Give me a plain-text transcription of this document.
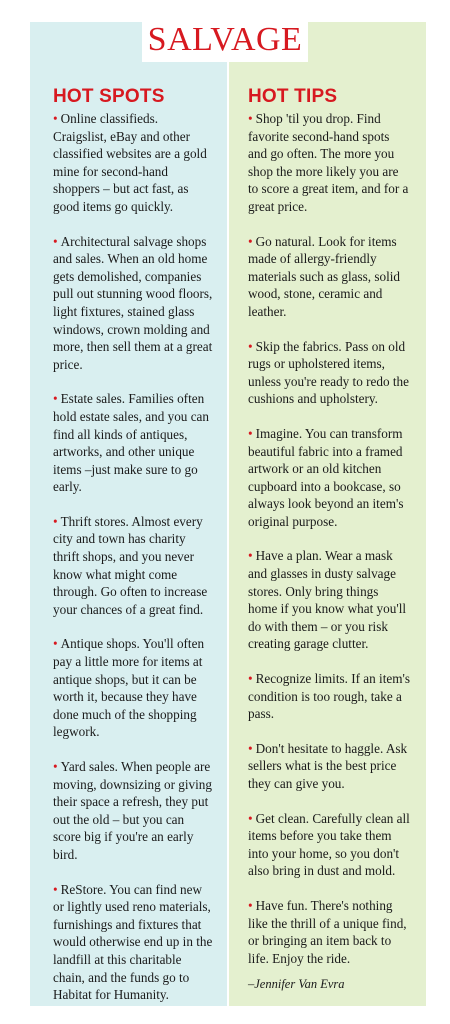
SALVAGE
HOT SPOTS	HOT TIPS
• Online classifieds. Craigslist, eBay and other classified websites are a gold mine for second-hand shoppers – but act fast, as good items go quickly.
• Architectural salvage shops and sales. When an old home gets demolished, companies pull out stunning wood floors, light fixtures, stained glass windows, crown molding and more, then sell them at a great price.
• Estate sales. Families often hold estate sales, and you can find all kinds of antiques, artworks, and other unique items –just make sure to go early.
• Thrift stores. Almost every city and town has charity thrift shops, and you never know what might come through. Go often to increase your chances of a great find.
• Antique shops. You'll often pay a little more for items at antique shops, but it can be worth it, because they have done much of the shopping legwork.
• Yard sales. When people are moving, downsizing or giving their space a refresh, they put out the old – but you can score big if you're an early bird.
• ReStore. You can find new or lightly used reno materials, furnishings and fixtures that would otherwise end up in the landfill at this charitable chain, and the funds go to Habitat for Humanity.
• Shop 'til you drop. Find favorite second-hand spots and go often. The more you shop the more likely you are to score a great item, and for a great price.
• Go natural. Look for items made of allergy-friendly materials such as glass, solid wood, stone, ceramic and leather.
• Skip the fabrics. Pass on old rugs or upholstered items, unless you're ready to redo the cushions and upholstery.
• Imagine. You can transform beautiful fabric into a framed artwork or an old kitchen cupboard into a bookcase, so always look beyond an item's original purpose.
• Have a plan. Wear a mask and glasses in dusty salvage stores. Only bring things home if you know what you'll do with them – or you risk creating garage clutter.
• Recognize limits. If an item's condition is too rough, take a pass.
• Don't hesitate to haggle. Ask sellers what is the best price they can give you.
• Get clean. Carefully clean all items before you take them into your home, so you don't also bring in dust and mold.
• Have fun. There's nothing like the thrill of a unique find, or bringing an item back to life. Enjoy the ride.
–Jennifer Van Evra
